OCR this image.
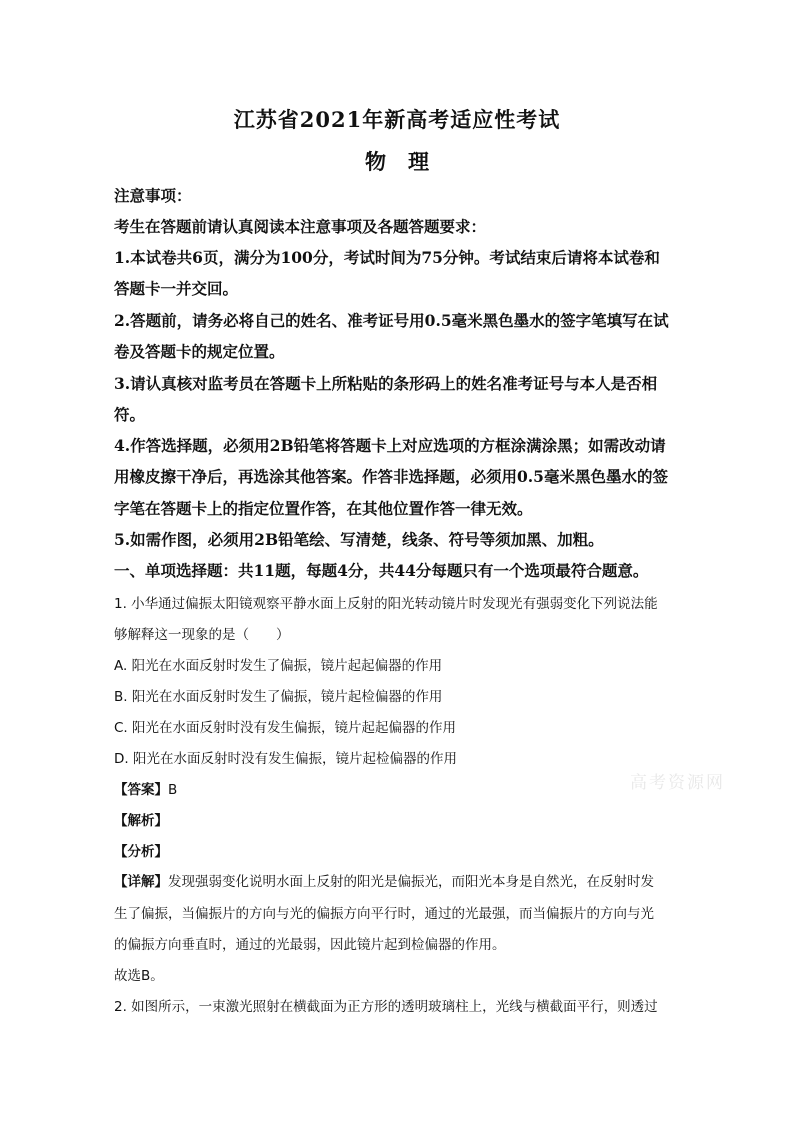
江苏省2021年新高考适应性考试
物理
注意事项：
考生在答题前请认真阅读本注意事项及各题答题要求：
1.本试卷共6页，满分为100分，考试时间为75分钟。考试结束后请将本试卷和
答题卡一并交回。
2.答题前，请务必将自己的姓名、准考证号用0.5毫米黑色墨水的签字笔填写在试
卷及答题卡的规定位置。
3.请认真核对监考员在答题卡上所粘贴的条形码上的姓名准考证号与本人是否相
符。
4.作答选择题，必须用2B铅笔将答题卡上对应选项的方框涂满涂黑；如需改动请
用橡皮擦干净后，再选涂其他答案。作答非选择题，必须用0.5毫米黑色墨水的签
字笔在答题卡上的指定位置作答，在其他位置作答一律无效。
5.如需作图，必须用2B铅笔绘、写清楚，线条、符号等须加黑、加粗。
一、单项选择题：共11题，每题4分，共44分每题只有一个选项最符合题意。
1. 小华通过偏振太阳镜观察平静水面上反射的阳光转动镜片时发现光有强弱变化下列说法能
够解释这一现象的是（　　）
A. 阳光在水面反射时发生了偏振，镜片起起偏器的作用
B. 阳光在水面反射时发生了偏振，镜片起检偏器的作用
C. 阳光在水面反射时没有发生偏振，镜片起起偏器的作用
D. 阳光在水面反射时没有发生偏振，镜片起检偏器的作用
【答案】B
【解析】
【分析】
【详解】发现强弱变化说明水面上反射的阳光是偏振光，而阳光本身是自然光，在反射时发
生了偏振，当偏振片的方向与光的偏振方向平行时，通过的光最强，而当偏振片的方向与光
的偏振方向垂直时，通过的光最弱，因此镜片起到检偏器的作用。
故选B。
2. 如图所示，一束激光照射在横截面为正方形的透明玻璃柱上，光线与横截面平行，则透过
高考资源网
